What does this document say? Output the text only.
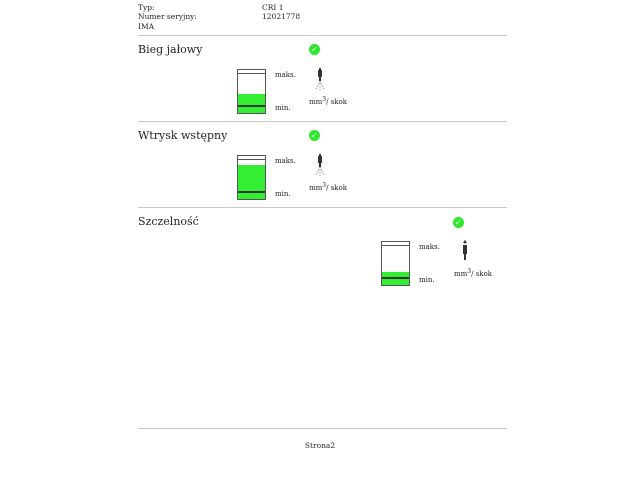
Typ:	CRI 1
Numer seryjny:	12021778
IMA
Bieg jałowy	✓
maks.
min.
$mm^3/$ skok
Wtrysk wstępny	✓
maks.
min.
$mm^3/$ skok
Szczelność	✓
maks.
min.
$mm^3/$ skok
Strona2
